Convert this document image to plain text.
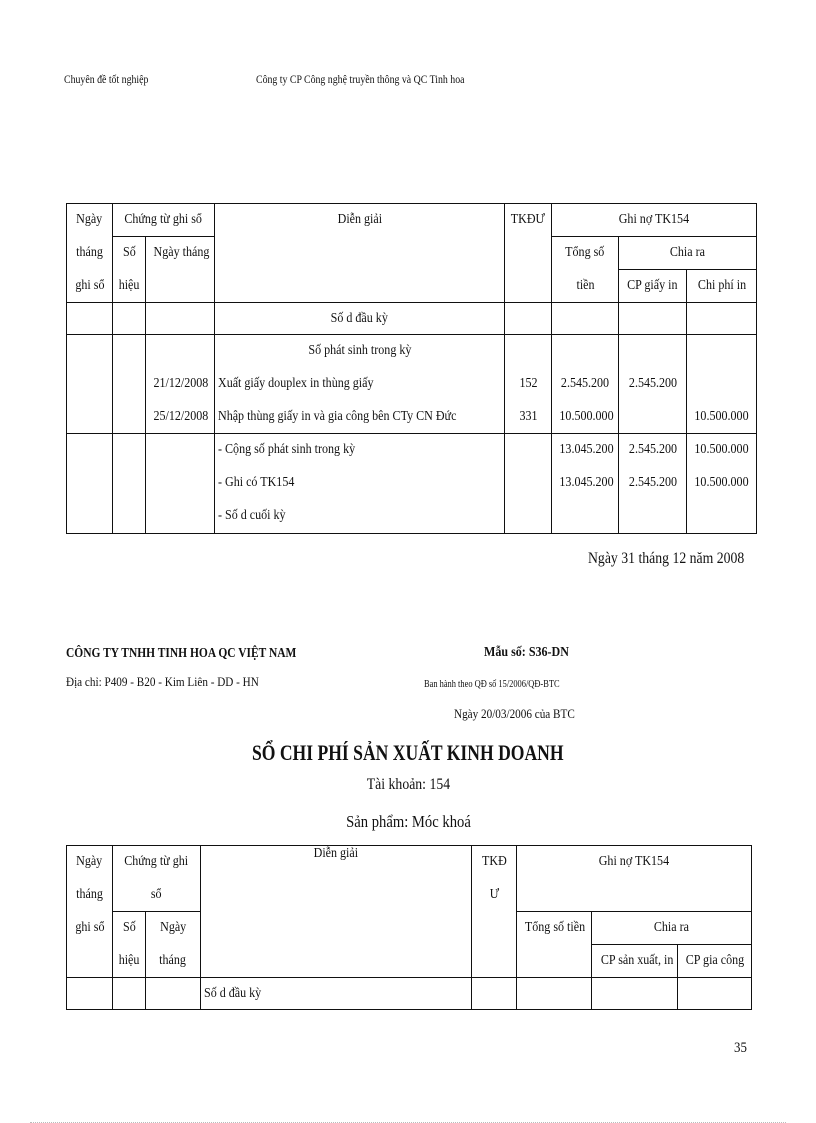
Chuyên đề tốt nghiệp	Công ty CP Công nghệ truyền thông và QC Tinh hoa
Ngày	Chứng từ ghi sổ		Diễn giải	TKĐƯ	Ghi nợ TK154		
tháng	Số	Ngày tháng			Tổng số	Chia ra	
ghi sổ	hiệu				tiền	CP giấy in	Chi phí in
			Số d đầu kỳ				
			Số phát sinh trong kỳ				
		21/12/2008	Xuất giấy douplex in thùng giấy	152	2.545.200	2.545.200	
		25/12/2008	Nhập thùng giấy in và gia công bên CTy CN Đức	331	10.500.000		10.500.000
			- Cộng số phát sinh trong kỳ		13.045.200	2.545.200	10.500.000
			- Ghi có TK154		13.045.200	2.545.200	10.500.000
			- Số d cuối kỳ				
Ngày 31 tháng 12 năm 2008
CÔNG TY TNHH TINH HOA QC VIỆT NAM
Địa chỉ: P409 - B20 - Kim Liên - DD - HN
Mẫu số: S36-DN
Ban hành theo QĐ số 15/2006/QĐ-BTC
Ngày 20/03/2006 của BTC
SỔ CHI PHÍ SẢN XUẤT KINH DOANH
Tài khoản: 154
Sản phẩm: Móc khoá
Ngày	Chứng từ ghi		Diễn giải	TKĐ	Ghi nợ TK154		
tháng	sổ			Ư			
ghi sổ	Số	Ngày			Tổng số tiền	Chia ra	
	hiệu	tháng				CP sản xuất, in	CP gia công
			Số d đầu kỳ				
35
